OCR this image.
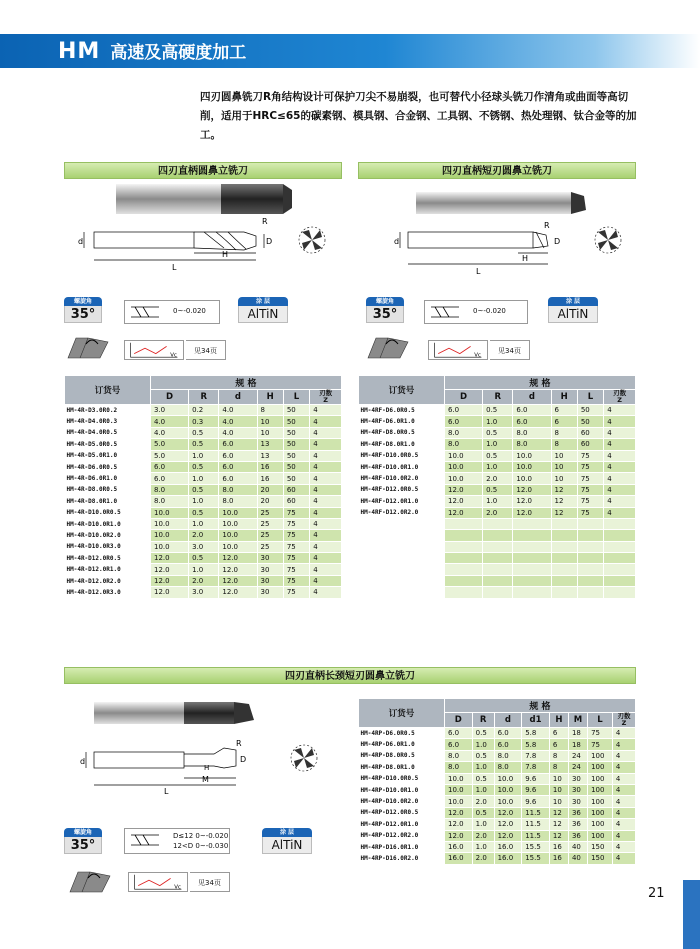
HM 高速及高硬度加工
四刃圆鼻铣刀R角结构设计可保护刀尖不易崩裂，也可替代小径球头铣刀作清角或曲面等高切削，适用于HRC≤65的碳素钢、模具钢、合金钢、工具钢、不锈钢、热处理钢、钛合金等的加工。
四刃直柄圆鼻立铣刀	四刃直柄短刃圆鼻立铣刀
四刃直柄长颈短刃圆鼻立铣刀
d	D
R
H
L
d	D
R
H
L
d	D
R
H
M
L
螺旋角
35°	0~-0.020
涂 层
AlTiN
Vc
见34页
螺旋角
35°	0~-0.020
涂 层
AlTiN
Vc
见34页
螺旋角
35°
D≤12 0~-0.020
12<D 0~-0.030
涂 层
AlTiN
Vc
见34页
订货号	规 格					
	D	R	d	H	L	刃数
Z
HM-4R-D3.0R0.2	3.0	0.2	4.0	8	50	4
HM-4R-D4.0R0.3	4.0	0.3	4.0	10	50	4
HM-4R-D4.0R0.5	4.0	0.5	4.0	10	50	4
HM-4R-D5.0R0.5	5.0	0.5	6.0	13	50	4
HM-4R-D5.0R1.0	5.0	1.0	6.0	13	50	4
HM-4R-D6.0R0.5	6.0	0.5	6.0	16	50	4
HM-4R-D6.0R1.0	6.0	1.0	6.0	16	50	4
HM-4R-D8.0R0.5	8.0	0.5	8.0	20	60	4
HM-4R-D8.0R1.0	8.0	1.0	8.0	20	60	4
HM-4R-D10.0R0.5	10.0	0.5	10.0	25	75	4
HM-4R-D10.0R1.0	10.0	1.0	10.0	25	75	4
HM-4R-D10.0R2.0	10.0	2.0	10.0	25	75	4
HM-4R-D10.0R3.0	10.0	3.0	10.0	25	75	4
HM-4R-D12.0R0.5	12.0	0.5	12.0	30	75	4
HM-4R-D12.0R1.0	12.0	1.0	12.0	30	75	4
HM-4R-D12.0R2.0	12.0	2.0	12.0	30	75	4
HM-4R-D12.0R3.0	12.0	3.0	12.0	30	75	4
订货号	规 格					
	D	R	d	H	L	刃数
Z
HM-4RF-D6.0R0.5	6.0	0.5	6.0	6	50	4
HM-4RF-D6.0R1.0	6.0	1.0	6.0	6	50	4
HM-4RF-D8.0R0.5	8.0	0.5	8.0	8	60	4
HM-4RF-D8.0R1.0	8.0	1.0	8.0	8	60	4
HM-4RF-D10.0R0.5	10.0	0.5	10.0	10	75	4
HM-4RF-D10.0R1.0	10.0	1.0	10.0	10	75	4
HM-4RF-D10.0R2.0	10.0	2.0	10.0	10	75	4
HM-4RF-D12.0R0.5	12.0	0.5	12.0	12	75	4
HM-4RF-D12.0R1.0	12.0	1.0	12.0	12	75	4
HM-4RF-D12.0R2.0	12.0	2.0	12.0	12	75	4

订货号	规 格							
	D	R	d	d1	H	M	L	刃数
Z
HM-4RP-D6.0R0.5	6.0	0.5	6.0	5.8	6	18	75	4
HM-4RP-D6.0R1.0	6.0	1.0	6.0	5.8	6	18	75	4
HM-4RP-D8.0R0.5	8.0	0.5	8.0	7.8	8	24	100	4
HM-4RP-D8.0R1.0	8.0	1.0	8.0	7.8	8	24	100	4
HM-4RP-D10.0R0.5	10.0	0.5	10.0	9.6	10	30	100	4
HM-4RP-D10.0R1.0	10.0	1.0	10.0	9.6	10	30	100	4
HM-4RP-D10.0R2.0	10.0	2.0	10.0	9.6	10	30	100	4
HM-4RP-D12.0R0.5	12.0	0.5	12.0	11.5	12	36	100	4
HM-4RP-D12.0R1.0	12.0	1.0	12.0	11.5	12	36	100	4
HM-4RP-D12.0R2.0	12.0	2.0	12.0	11.5	12	36	100	4
HM-4RP-D16.0R1.0	16.0	1.0	16.0	15.5	16	40	150	4
HM-4RP-D16.0R2.0	16.0	2.0	16.0	15.5	16	40	150	4
21
